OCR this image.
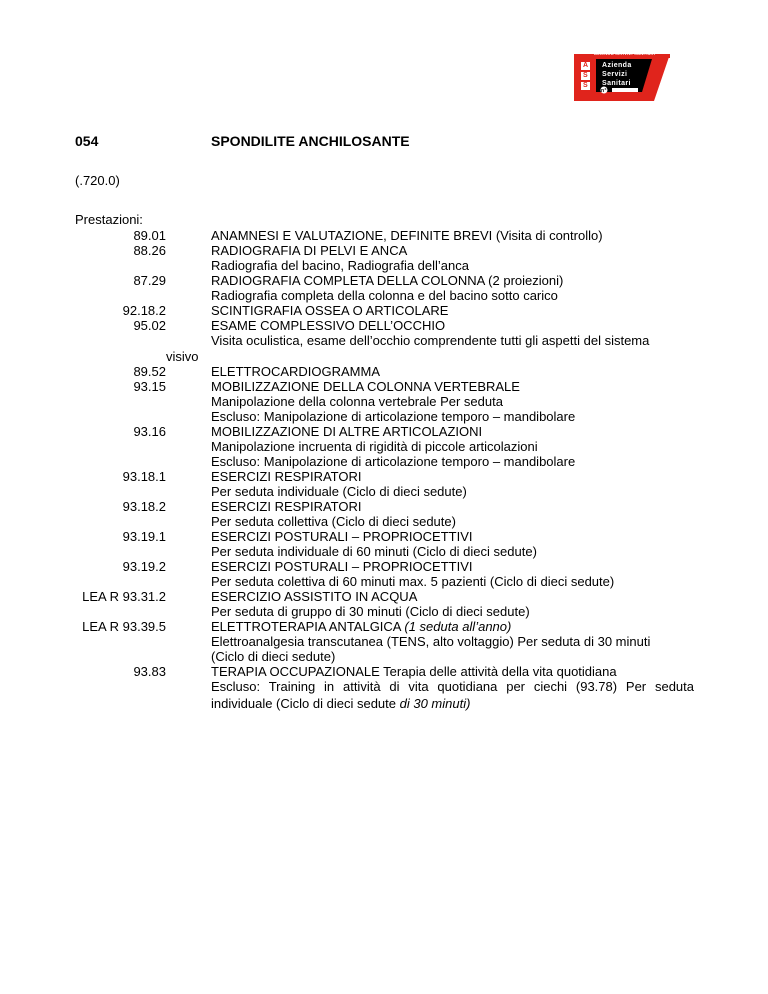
AZIENDA SERVIZI SANITARI
A
S
S
Azienda
Servizi
Sanitari
n°1
054	SPONDILITE ANCHILOSANTE
(.720.0)
Prestazioni:
89.01
88.26
87.29
92.18.2
95.02
visivo
89.52
93.15
93.16
93.18.1
93.18.2
93.19.1
93.19.2
LEA R 93.31.2
LEA R 93.39.5
93.83
ANAMNESI E VALUTAZIONE, DEFINITE BREVI (Visita di controllo)
RADIOGRAFIA DI PELVI E ANCA
Radiografia del bacino, Radiografia dell’anca
RADIOGRAFIA COMPLETA DELLA COLONNA (2 proiezioni)
Radiografia completa della colonna e del bacino sotto carico
SCINTIGRAFIA OSSEA O ARTICOLARE
ESAME COMPLESSIVO DELL’OCCHIO
Visita oculistica, esame dell’occhio comprendente tutti gli aspetti del sistema
ELETTROCARDIOGRAMMA
MOBILIZZAZIONE DELLA COLONNA VERTEBRALE
Manipolazione della colonna vertebrale Per seduta
Escluso: Manipolazione di articolazione temporo – mandibolare
MOBILIZZAZIONE DI ALTRE ARTICOLAZIONI
Manipolazione incruenta di rigidità di piccole articolazioni
Escluso: Manipolazione di articolazione temporo – mandibolare
ESERCIZI RESPIRATORI
Per seduta individuale (Ciclo di dieci sedute)
ESERCIZI RESPIRATORI
Per seduta collettiva (Ciclo di dieci sedute)
ESERCIZI POSTURALI – PROPRIOCETTIVI
Per seduta individuale di 60 minuti (Ciclo di dieci sedute)
ESERCIZI POSTURALI – PROPRIOCETTIVI
Per seduta colettiva di 60 minuti max. 5 pazienti (Ciclo di dieci sedute)
ESERCIZIO ASSISTITO IN ACQUA
Per seduta di gruppo di 30 minuti (Ciclo di dieci sedute)
ELETTROTERAPIA ANTALGICA (1 seduta all’anno)
Elettroanalgesia transcutanea (TENS, alto voltaggio) Per seduta di 30 minuti
(Ciclo di dieci sedute)
TERAPIA OCCUPAZIONALE Terapia delle attività della vita quotidiana
Escluso: Training in attività di vita quotidiana per ciechi (93.78) Per seduta individuale (Ciclo di dieci sedute di 30 minuti)
